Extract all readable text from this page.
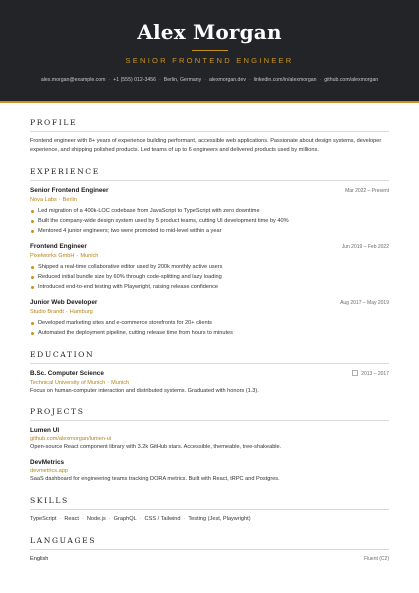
Alex Morgan
SENIOR FRONTEND ENGINEER
alex.morgan@example.com · +1 (555) 012-3456 · Berlin, Germany · alexmorgan.dev · linkedin.com/in/alexmorgan · github.com/alexmorgan
PROFILE
Frontend engineer with 8+ years of experience building performant, accessible web applications. Passionate about design systems, developer experience, and shipping polished products. Led teams of up to 6 engineers and delivered products used by millions.
EXPERIENCE
Senior Frontend Engineer	Mar 2022 – Present
Nova Labs · Berlin
Led migration of a 400k-LOC codebase from JavaScript to TypeScript with zero downtime
Built the company-wide design system used by 5 product teams, cutting UI development time by 40%
Mentored 4 junior engineers; two were promoted to mid-level within a year
Frontend Engineer	Jun 2019 – Feb 2022
Pixelworks GmbH · Munich
Shipped a real-time collaborative editor used by 200k monthly active users
Reduced initial bundle size by 60% through code-splitting and lazy loading
Introduced end-to-end testing with Playwright, raising release confidence
Junior Web Developer	Aug 2017 – May 2019
Studio Brandt · Hamburg
Developed marketing sites and e-commerce storefronts for 20+ clients
Automated the deployment pipeline, cutting release time from hours to minutes
EDUCATION
B.Sc. Computer Science	2013 – 2017
Technical University of Munich · Munich
Focus on human-computer interaction and distributed systems. Graduated with honors (1.3).
PROJECTS
Lumen UI
github.com/alexmorgan/lumen-ui
Open-source React component library with 3.2k GitHub stars. Accessible, themeable, tree-shakeable.
DevMetrics
devmetrics.app
SaaS dashboard for engineering teams tracking DORA metrics. Built with React, tRPC and Postgres.
SKILLS
TypeScript · React · Node.js · GraphQL · CSS / Tailwind · Testing (Jest, Playwright)
LANGUAGES
English	Fluent (C2)
